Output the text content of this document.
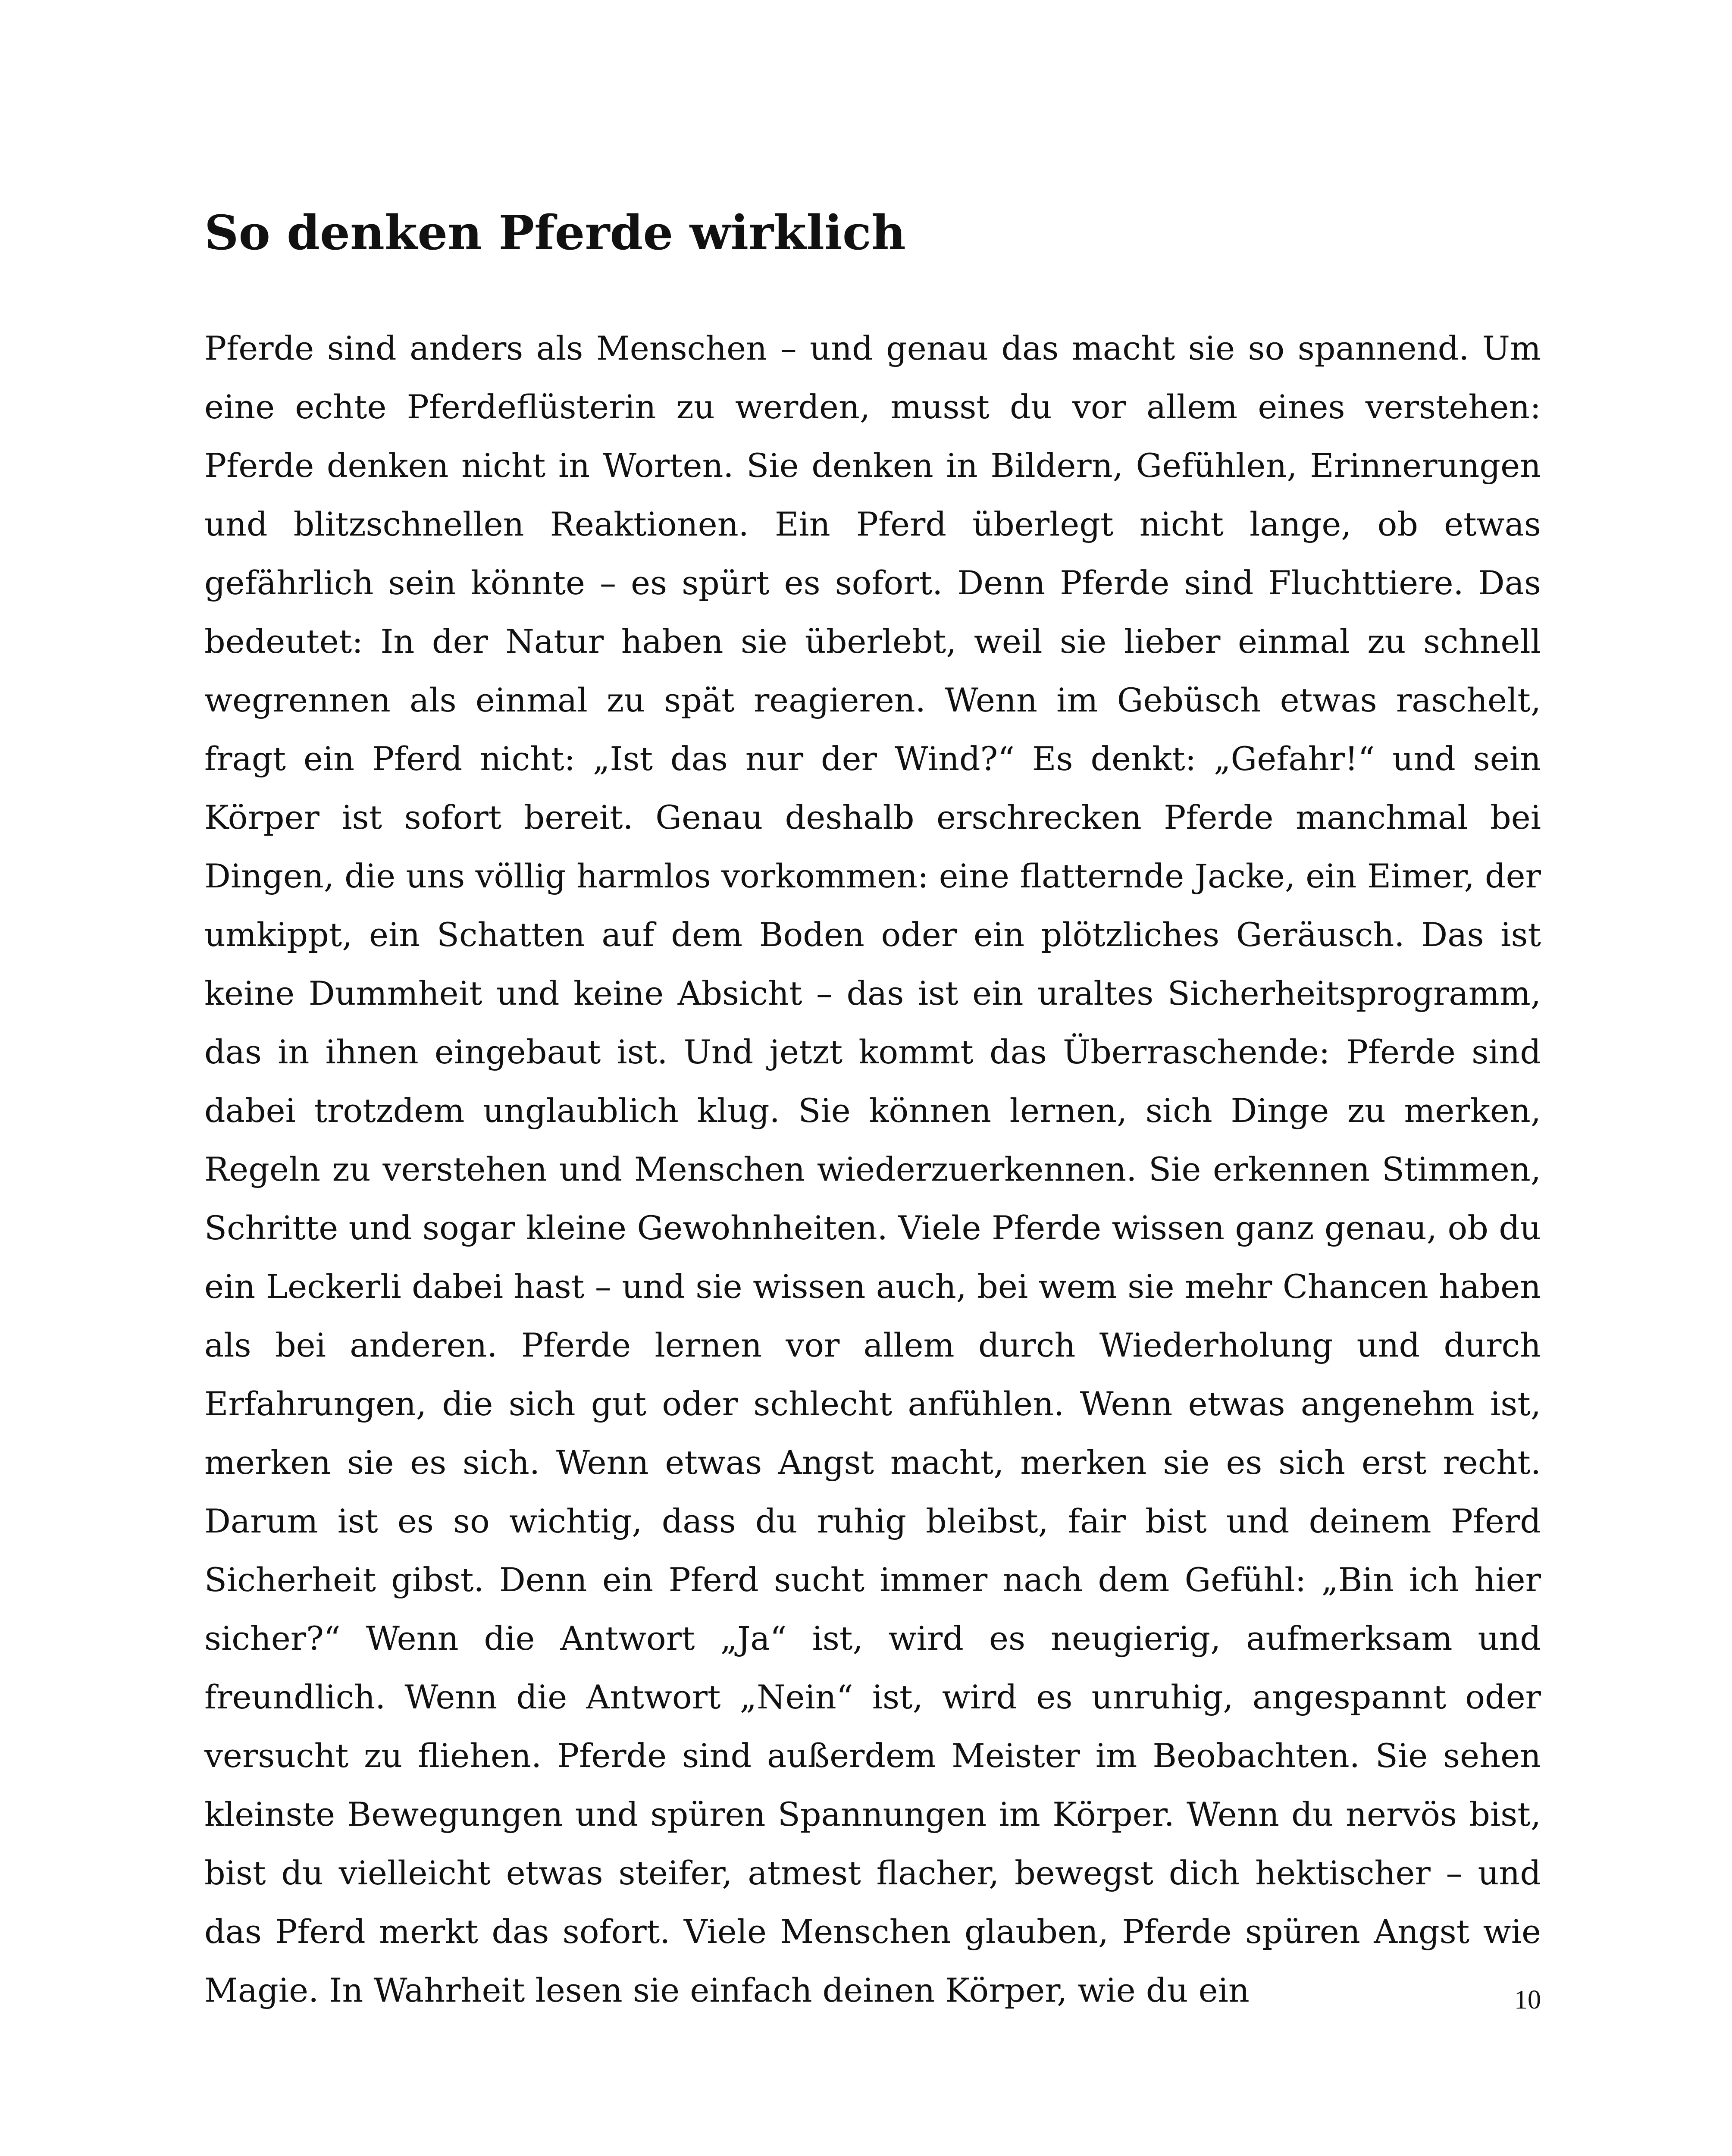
So denken Pferde wirklich

Pferde sind anders als Menschen – und genau das macht sie so spannend. Um eine echte Pferdeflüsterin zu werden, musst du vor allem eines verstehen: Pferde denken nicht in Worten. Sie denken in Bildern, Gefühlen, Erinnerungen und blitzschnellen Reaktionen. Ein Pferd überlegt nicht lange, ob etwas gefährlich sein könnte – es spürt es sofort. Denn Pferde sind Fluchttiere. Das bedeutet: In der Natur haben sie überlebt, weil sie lieber einmal zu schnell wegrennen als einmal zu spät reagieren. Wenn im Gebüsch etwas raschelt, fragt ein Pferd nicht: „Ist das nur der Wind?“ Es denkt: „Gefahr!“ und sein Körper ist sofort bereit. Genau deshalb erschrecken Pferde manchmal bei Dingen, die uns völlig harmlos vorkommen: eine flatternde Jacke, ein Eimer, der umkippt, ein Schatten auf dem Boden oder ein plötzliches Geräusch. Das ist keine Dummheit und keine Absicht – das ist ein uraltes Sicherheitsprogramm, das in ihnen eingebaut ist. Und jetzt kommt das Überraschende: Pferde sind dabei trotzdem unglaublich klug. Sie können lernen, sich Dinge zu merken, Regeln zu verstehen und Menschen wiederzuerkennen. Sie erkennen Stimmen, Schritte und sogar kleine Gewohnheiten. Viele Pferde wissen ganz genau, ob du ein Leckerli dabei hast – und sie wissen auch, bei wem sie mehr Chancen haben als bei anderen. Pferde lernen vor allem durch Wiederholung und durch Erfahrungen, die sich gut oder schlecht anfühlen. Wenn etwas angenehm ist, merken sie es sich. Wenn etwas Angst macht, merken sie es sich erst recht. Darum ist es so wichtig, dass du ruhig bleibst, fair bist und deinem Pferd Sicherheit gibst. Denn ein Pferd sucht immer nach dem Gefühl: „Bin ich hier sicher?“ Wenn die Antwort „Ja“ ist, wird es neugierig, aufmerksam und freundlich. Wenn die Antwort „Nein“ ist, wird es unruhig, angespannt oder versucht zu fliehen. Pferde sind außerdem Meister im Beobachten. Sie sehen kleinste Bewegungen und spüren Spannungen im Körper. Wenn du nervös bist, bist du vielleicht etwas steifer, atmest flacher, bewegst dich hektischer – und das Pferd merkt das sofort. Viele Menschen glauben, Pferde spüren Angst wie Magie. In Wahrheit lesen sie einfach deinen Körper, wie du ein	10
